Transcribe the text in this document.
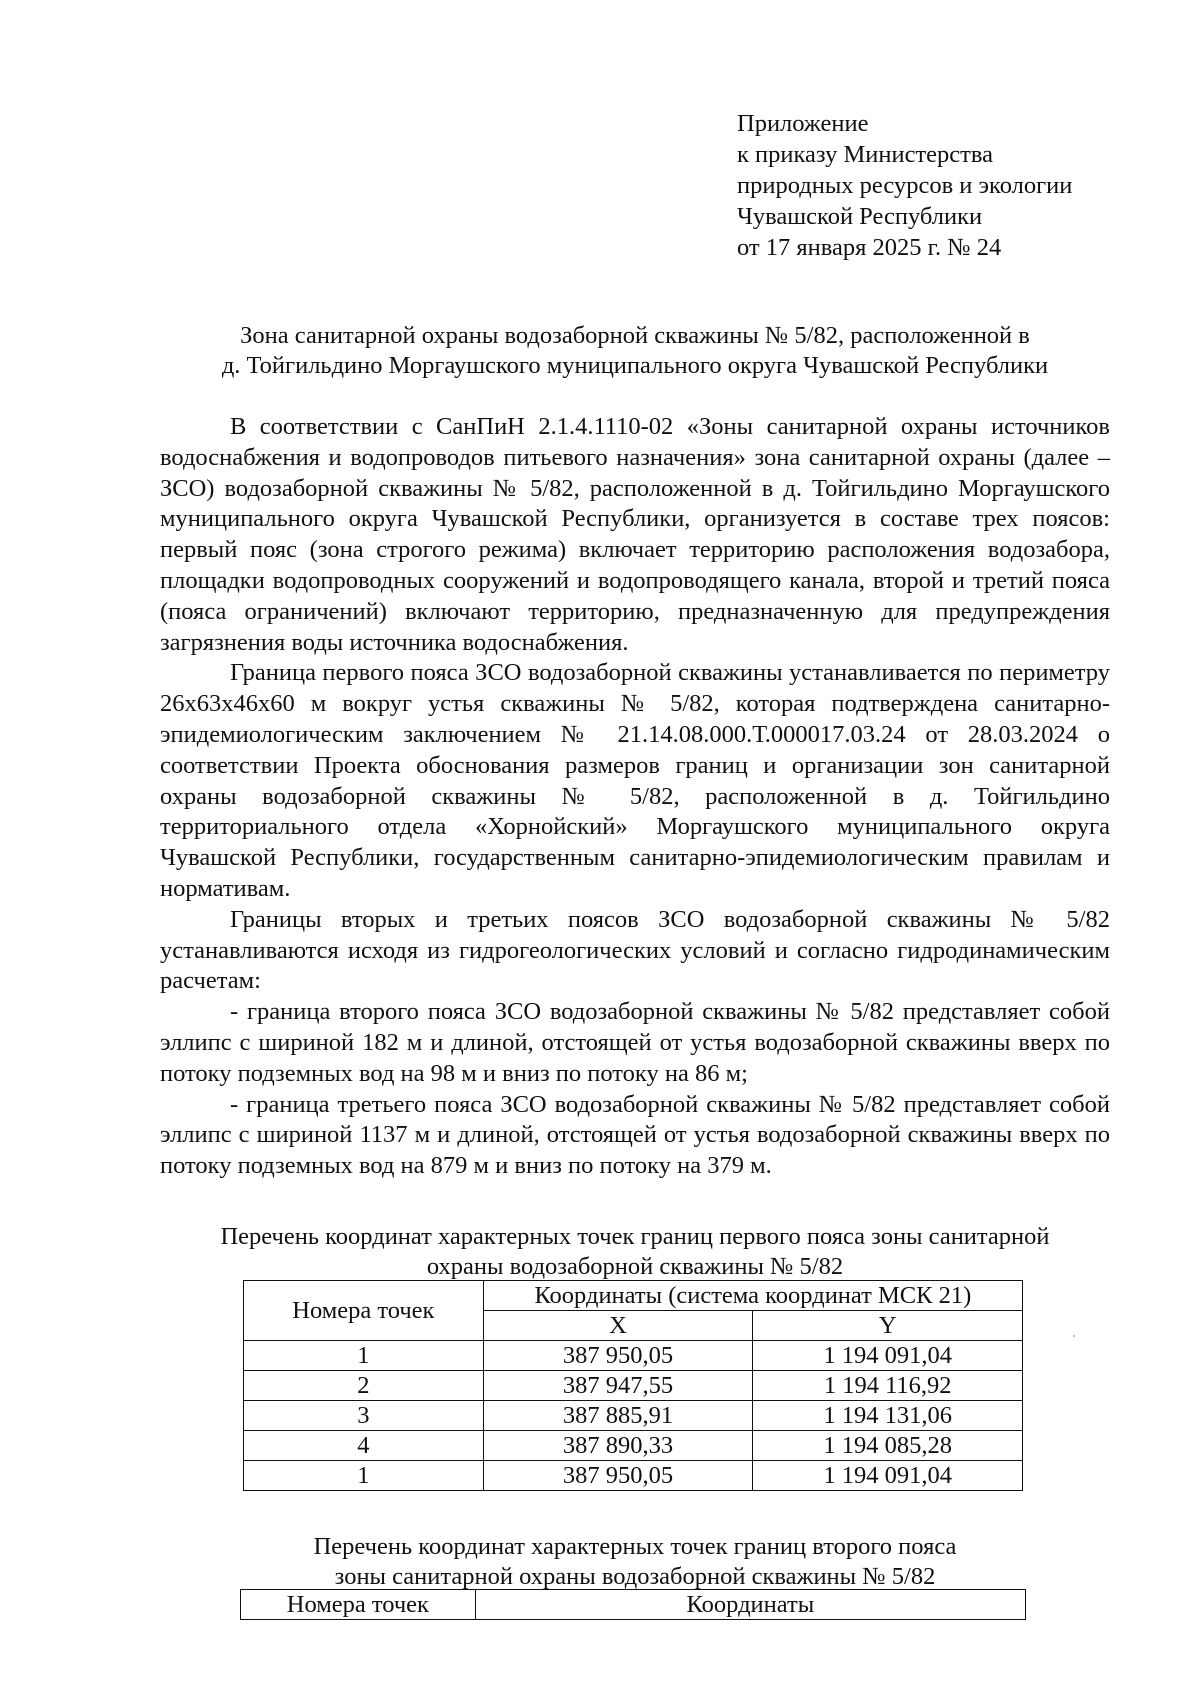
Приложение
к приказу Министерства
природных ресурсов и экологии
Чувашской Республики
от 17 января 2025 г. № 24
Зона санитарной охраны водозаборной скважины № 5/82, расположенной в
д. Тойгильдино Моргаушского муниципального округа Чувашской Республики

В соответствии с СанПиН 2.1.4.1110-02 «Зоны санитарной охраны источников водоснабжения и водопроводов питьевого назначения» зона санитарной охраны (далее – ЗСО) водозаборной скважины № 5/82, расположенной в д. Тойгильдино Моргаушского муниципального округа Чувашской Республики, организуется в составе трех поясов: первый пояс (зона строгого режима) включает территорию расположения водозабора, площадки водопроводных сооружений и водопроводящего канала, второй и третий пояса (пояса ограничений) включают территорию, предназначенную для предупреждения загрязнения воды источника водоснабжения.

Граница первого пояса ЗСО водозаборной скважины устанавливается по периметру 26х63х46х60 м вокруг устья скважины № 5/82, которая подтверждена санитарно-эпидемиологическим заключением № 21.14.08.000.Т.000017.03.24 от 28.03.2024 о соответствии Проекта обоснования размеров границ и организации зон санитарной охраны водозаборной скважины № 5/82, расположенной в д. Тойгильдино территориального отдела «Хорнойский» Моргаушского муниципального округа Чувашской Республики, государственным санитарно-эпидемиологическим правилам и нормативам.

Границы вторых и третьих поясов ЗСО водозаборной скважины № 5/82 устанавливаются исходя из гидрогеологических условий и согласно гидродинамическим расчетам:

- граница второго пояса ЗСО водозаборной скважины № 5/82 представляет собой эллипс с шириной 182 м и длиной, отстоящей от устья водозаборной скважины вверх по потоку подземных вод на 98 м и вниз по потоку на 86 м;

- граница третьего пояса ЗСО водозаборной скважины № 5/82 представляет собой эллипс с шириной 1137 м и длиной, отстоящей от устья водозаборной скважины вверх по потоку подземных вод на 879 м и вниз по потоку на 379 м.

Перечень координат характерных точек границ первого пояса зоны санитарной
охраны водозаборной скважины № 5/82
Номера точек	Координаты (система координат МСК 21)	
	X	Y
1	387 950,05	1 194 091,04
2	387 947,55	1 194 116,92
3	387 885,91	1 194 131,06
4	387 890,33	1 194 085,28
1	387 950,05	1 194 091,04
Перечень координат характерных точек границ второго пояса
зоны санитарной охраны водозаборной скважины № 5/82
Номера точек	Координаты
